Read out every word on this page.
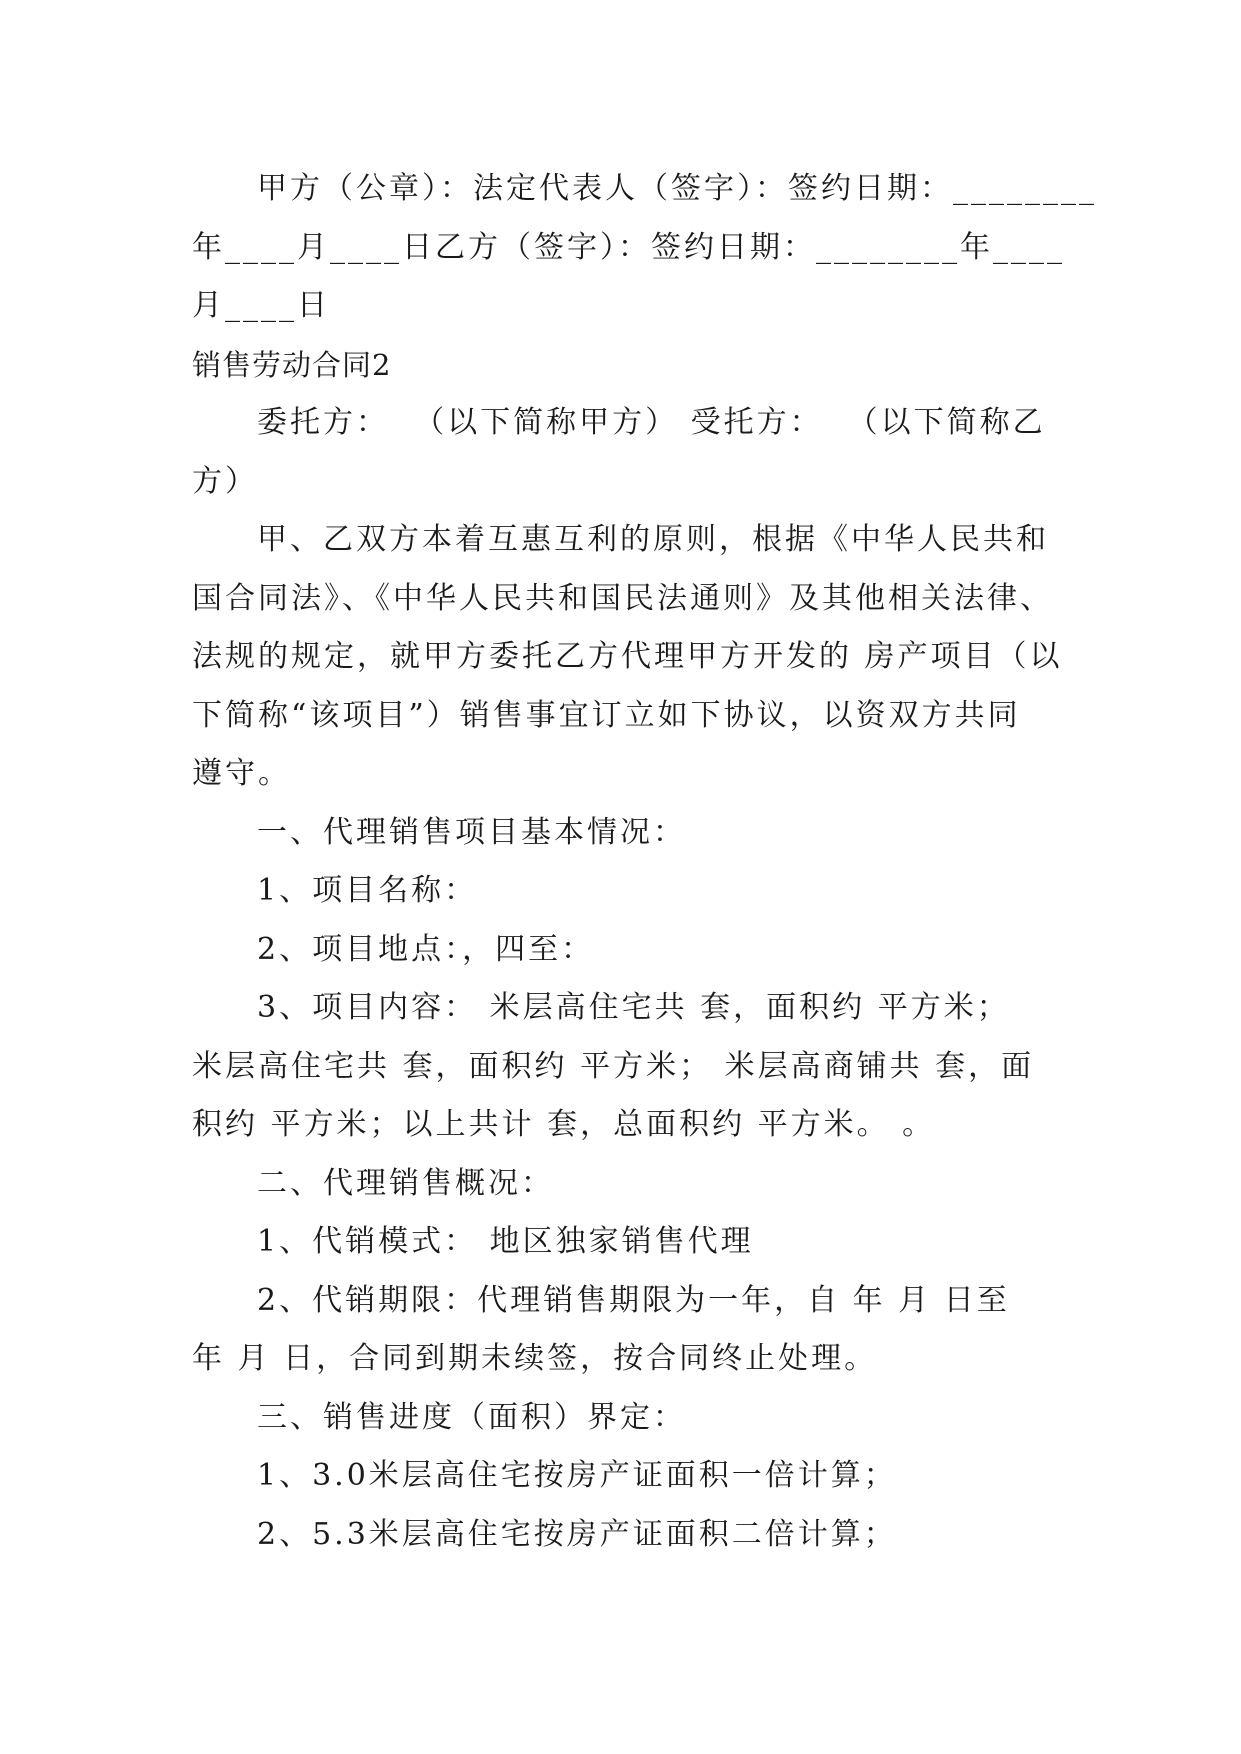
甲方（公章）：法定代表人（签字）：签约日期：________
年____月____日乙方（签字）：签约日期：________年____
月____日
销售劳动合同2
委托方：  （以下简称甲方） 受托方：  （以下简称乙
方）
甲、乙双方本着互惠互利的原则，根据《中华人民共和
国合同法》、《中华人民共和国民法通则》及其他相关法律、
法规的规定，就甲方委托乙方代理甲方开发的 房产项目（以
下简称“该项目”）销售事宜订立如下协议，以资双方共同
遵守。
一、代理销售项目基本情况：
1、项目名称：
2、项目地点：，四至：
3、项目内容： 米层高住宅共 套，面积约 平方米；
米层高住宅共 套，面积约 平方米； 米层高商铺共 套，面
积约 平方米；以上共计 套，总面积约 平方米。 。
二、代理销售概况：
1、代销模式： 地区独家销售代理
2、代销期限：代理销售期限为一年，自 年 月 日至
年 月 日，合同到期未续签，按合同终止处理。
三、销售进度（面积）界定：
1、3.0米层高住宅按房产证面积一倍计算；
2、5.3米层高住宅按房产证面积二倍计算；
